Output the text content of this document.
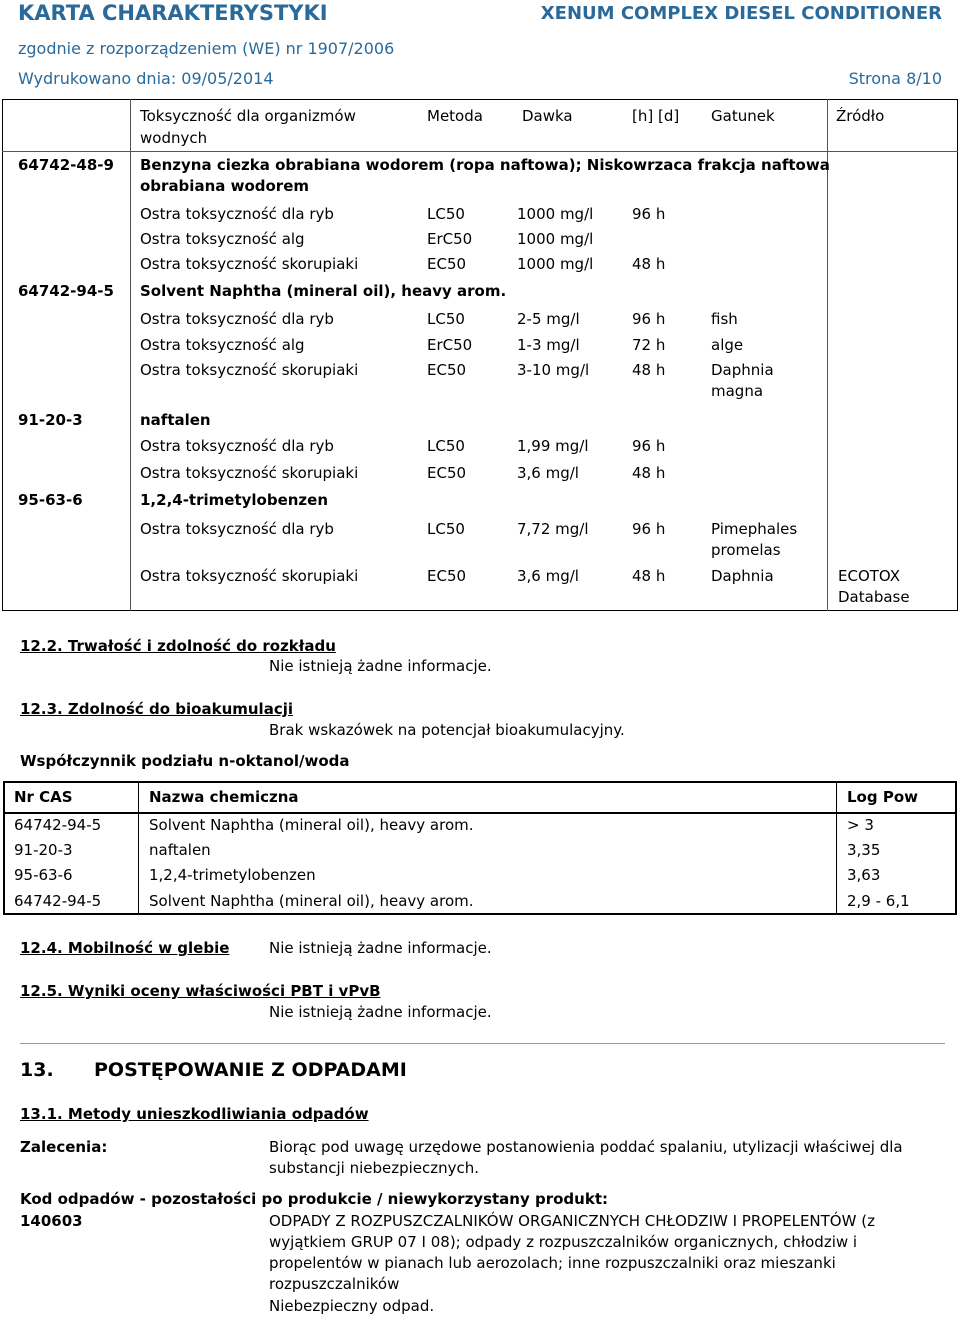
KARTA CHARAKTERYSTYKI	XENUM COMPLEX DIESEL CONDITIONER
zgodnie z rozporządzeniem (WE) nr 1907/2006
Wydrukowano dnia: 09/05/2014	Strona 8/10
Toksyczność dla organizmów
wodnych
Metoda	Dawka	[h] [d] Gatunek	Źródło
64742-48-9 Benzyna ciezka obrabiana wodorem (ropa naftowa); Niskowrzaca frakcja naftowa
obrabiana wodorem
Ostra toksyczność dla ryb	LC50	1000 mg/l	96 h
Ostra toksyczność alg	ErC50	1000 mg/l
Ostra toksyczność skorupiaki	EC50	1000 mg/l	48 h
64742-94-5 Solvent Naphtha (mineral oil), heavy arom.
Ostra toksyczność dla ryb	LC50	2-5 mg/l	96 h	fish
Ostra toksyczność alg	ErC50	1-3 mg/l	72 h	alge
Ostra toksyczność skorupiaki	EC50	3-10 mg/l	48 h	Daphnia
magna
91-20-3	naftalen
Ostra toksyczność dla ryb	LC50	1,99 mg/l	96 h
Ostra toksyczność skorupiaki	EC50	3,6 mg/l	48 h
95-63-6	1,2,4-trimetylobenzen
Ostra toksyczność dla ryb	LC50	7,72 mg/l	96 h	Pimephales
promelas
Ostra toksyczność skorupiaki	EC50	3,6 mg/l	48 h	Daphnia	ECOTOX
Database
12.2. Trwałość i zdolność do rozkładu
Nie istnieją żadne informacje.
12.3. Zdolność do bioakumulacji
Brak wskazówek na potencjał bioakumulacyjny.
Współczynnik podziału n-oktanol/woda
Nr CAS	Nazwa chemiczna	Log Pow
64742-94-5	Solvent Naphtha (mineral oil), heavy arom.	> 3
91-20-3	naftalen	3,35
95-63-6	1,2,4-trimetylobenzen	3,63
64742-94-5	Solvent Naphtha (mineral oil), heavy arom.	2,9 - 6,1
12.4. Mobilność w glebie	Nie istnieją żadne informacje.
12.5. Wyniki oceny właściwości PBT i vPvB
Nie istnieją żadne informacje.
13. POSTĘPOWANIE Z ODPADAMI
13.1. Metody unieszkodliwiania odpadów
Zalecenia:	Biorąc pod uwagę urzędowe postanowienia poddać spalaniu, utylizacji właściwej dla
substancji niebezpiecznych.
Kod odpadów - pozostałości po produkcie / niewykorzystany produkt:
140603	ODPADY Z ROZPUSZCZALNIKÓW ORGANICZNYCH CHŁODZIW I PROPELENTÓW (z
wyjątkiem GRUP 07 I 08); odpady z rozpuszczalników organicznych, chłodziw i
propelentów w pianach lub aerozolach; inne rozpuszczalniki oraz mieszanki
rozpuszczalników
Niebezpieczny odpad.
